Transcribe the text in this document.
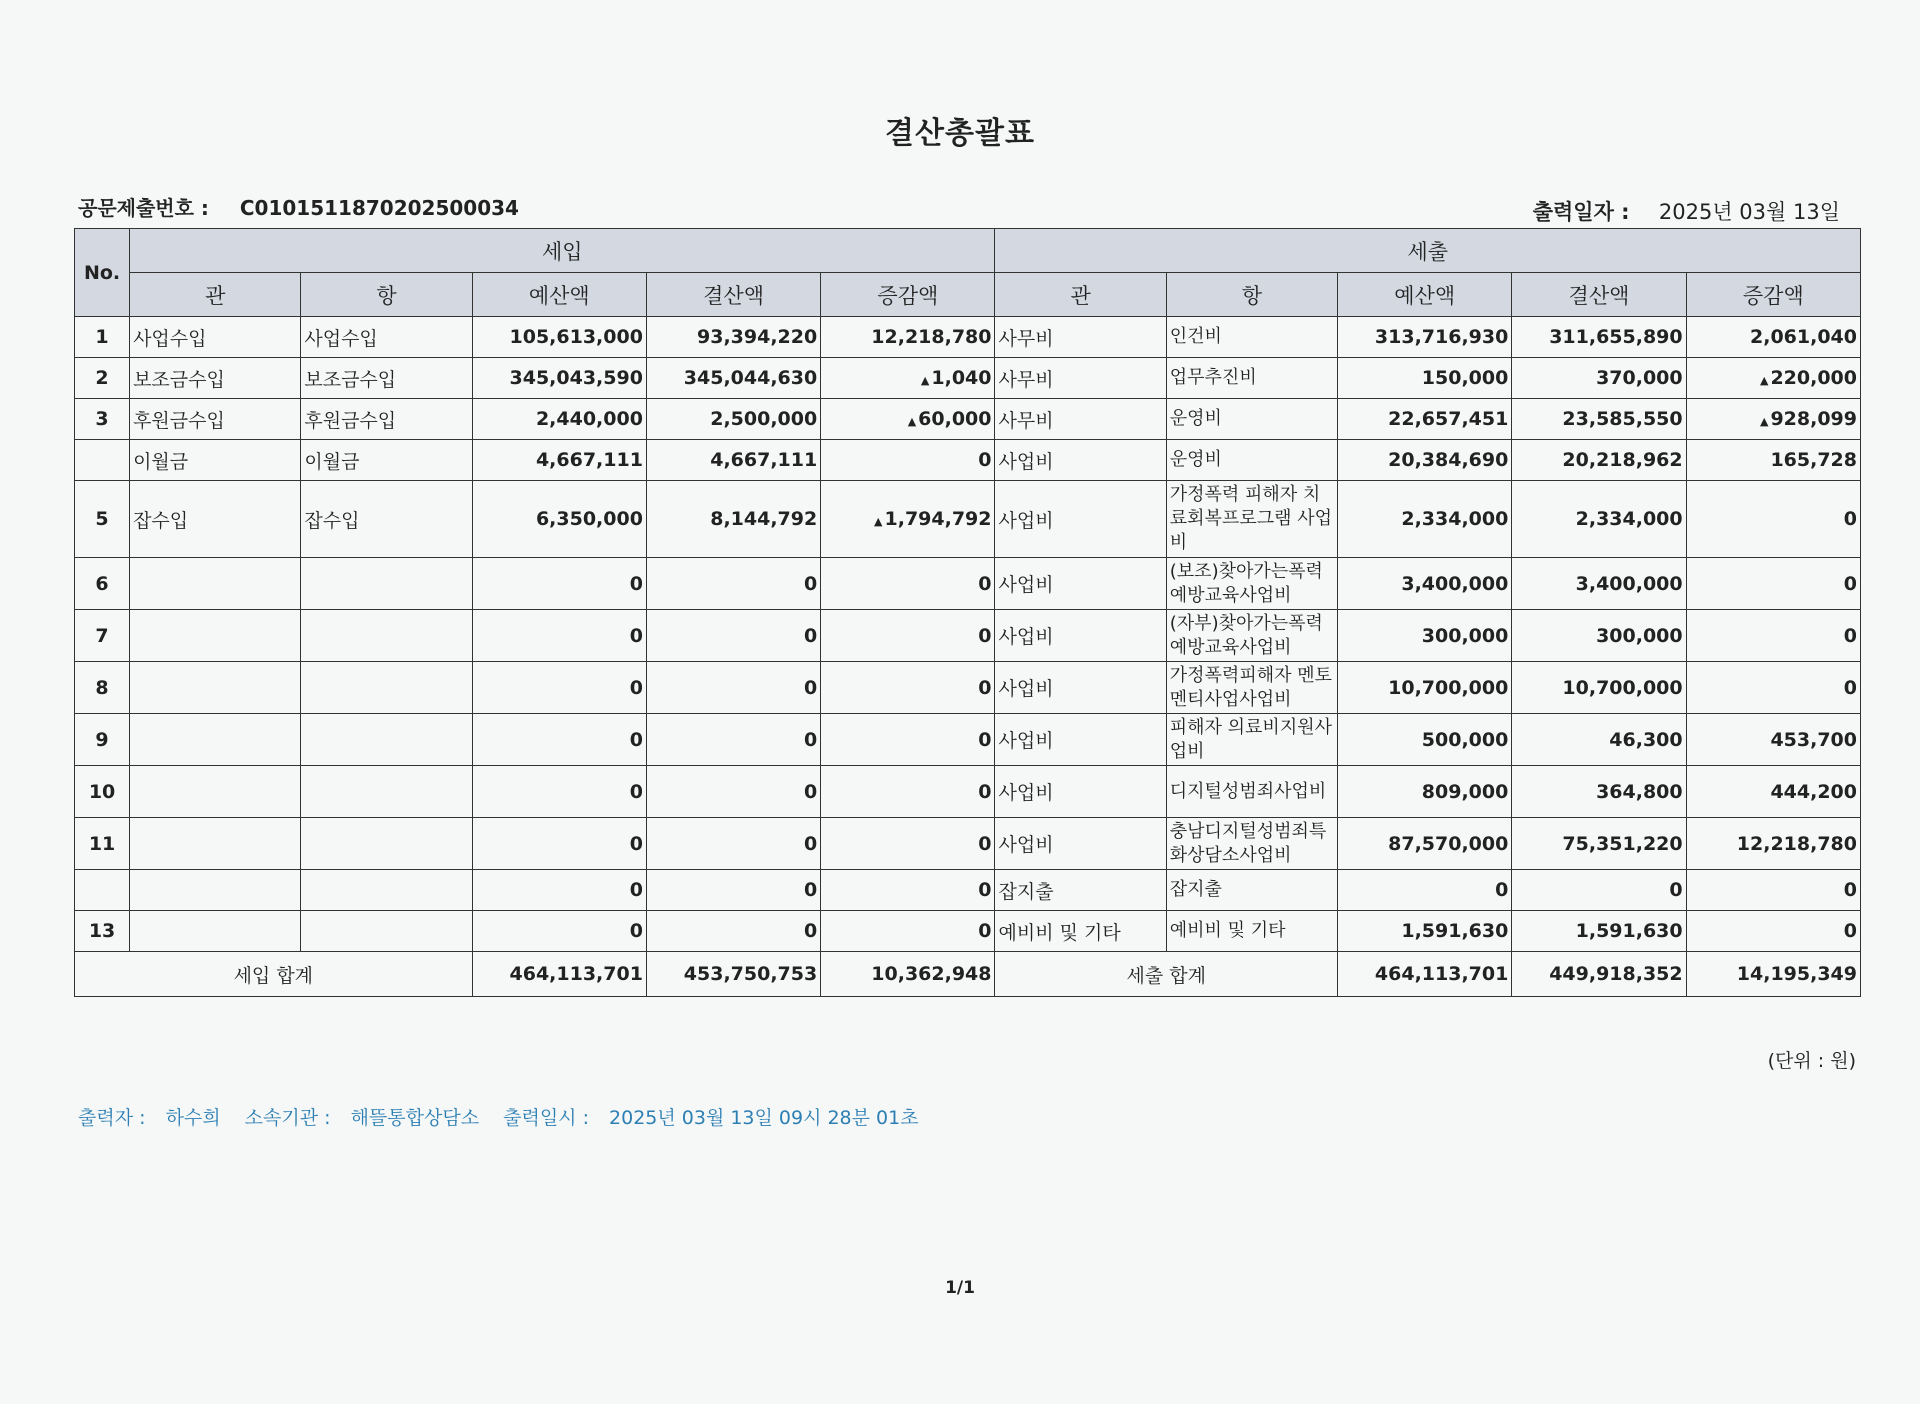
결산총괄표
공문제출번호 : C0101511870202500034	출력일자 : 2025년 03월 13일
No.	세입					세출				
	관	항	예산액	결산액	증감액	관	항	예산액	결산액	증감액
1	사업수입	사업수입	105,613,000	93,394,220	12,218,780	사무비	인건비	313,716,930	311,655,890	2,061,040
2	보조금수입	보조금수입	345,043,590	345,044,630	▲ 1,040	사무비	업무추진비	150,000	370,000	▲ 220,000
3	후원금수입	후원금수입	2,440,000	2,500,000	▲ 60,000	사무비	운영비	22,657,451	23,585,550	▲ 928,099
	이월금	이월금	4,667,111	4,667,111	0	사업비	운영비	20,384,690	20,218,962	165,728
5	잡수입	잡수입	6,350,000	8,144,792	▲ 1,794,792	사업비	가정폭력 피해자 치료회복프로그램 사업비	2,334,000	2,334,000	0
6			0	0	0	사업비	(보조)찾아가는폭력예방교육사업비	3,400,000	3,400,000	0
7			0	0	0	사업비	(자부)찾아가는폭력예방교육사업비	300,000	300,000	0
8			0	0	0	사업비	가정폭력피해자 멘토멘티사업사업비	10,700,000	10,700,000	0
9			0	0	0	사업비	피해자 의료비지원사업비	500,000	46,300	453,700
10			0	0	0	사업비	디지털성범죄사업비	809,000	364,800	444,200
11			0	0	0	사업비	충남디지털성범죄특화상담소사업비	87,570,000	75,351,220	12,218,780
			0	0	0	잡지출	잡지출	0	0	0
13			0	0	0	예비비 및 기타	예비비 및 기타	1,591,630	1,591,630	0
세입 합계			464,113,701	453,750,753	10,362,948	세출 합계		464,113,701	449,918,352	14,195,349
(단위 : 원)
출력자 : 하수희 소속기관 : 해뜰통합상담소 출력일시 : 2025년 03월 13일 09시 28분 01초
1/1
